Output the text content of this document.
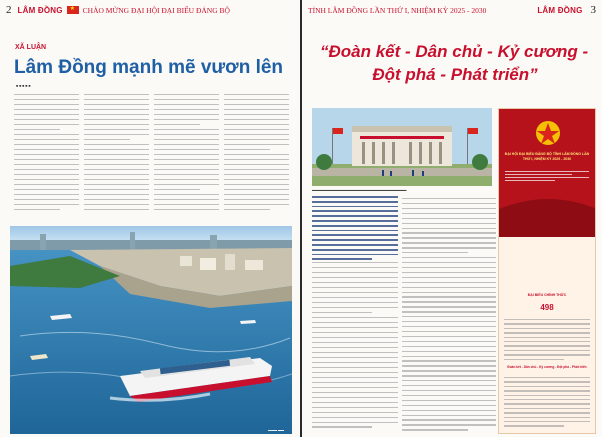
2 LÂM ĐỒNG
★	CHÀO MỪNG ĐẠI HỘI ĐẠI BIỂU ĐẢNG BỘ
XÃ LUẬN
Lâm Đồng mạnh mẽ vươn lên
■ ■ ■ ■ ■
▬▬▬ ▬▬
TỈNH LÂM ĐỒNG LẦN THỨ I, NHIỆM KỲ 2025 - 2030	LÂM ĐỒNG 3
“Đoàn kết - Dân chủ - Kỷ cương -
Đột phá - Phát triển”
▬▬▬▬▬▬▬▬▬▬▬▬▬▬▬▬▬▬▬▬▬▬▬▬▬▬▬
ĐẠI HỘI ĐẠI BIỂU ĐẢNG BỘ TỈNH LÂM ĐỒNG LẦN THỨ I, NHIỆM KỲ 2025 - 2030
ĐẠI BIỂU CHÍNH THỨC
498
Đoàn kết - Dân chủ - Kỷ cương - Đột phá - Phát triển
